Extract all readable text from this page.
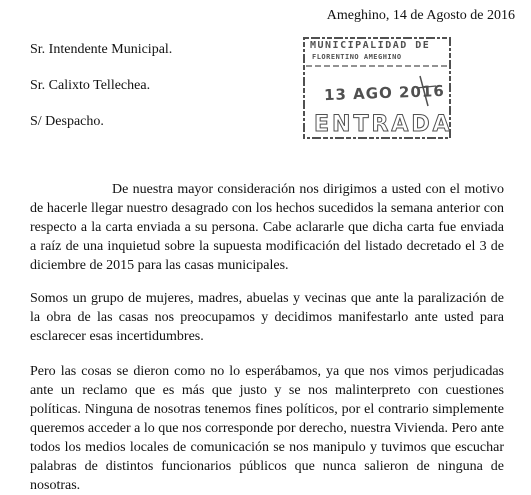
Ameghino, 14 de Agosto de 2016
Sr. Intendente Municipal.
Sr. Calixto Tellechea.
S/ Despacho.
MUNICIPALIDAD DE
FLORENTINO AMEGHINO
13 AGO 2016
ENTRADA

De nuestra mayor consideración nos dirigimos a usted con el motivo de hacerle llegar nuestro desagrado con los hechos sucedidos la semana anterior con respecto a la carta enviada a su persona. Cabe aclararle que dicha carta fue enviada a raíz de una inquietud sobre la supuesta modificación del listado decretado el 3 de diciembre de 2015 para las casas municipales.

Somos un grupo de mujeres, madres, abuelas y vecinas que ante la paralización de la obra de las casas nos preocupamos y decidimos manifestarlo ante usted para esclarecer esas incertidumbres.

Pero las cosas se dieron como no lo esperábamos, ya que nos vimos perjudicadas ante un reclamo que es más que justo y se nos malinterpreto con cuestiones políticas. Ninguna de nosotras tenemos fines políticos, por el contrario simplemente queremos acceder a lo que nos corresponde por derecho, nuestra Vivienda. Pero ante todos los medios locales de comunicación se nos manipulo y tuvimos que escuchar palabras de distintos funcionarios públicos que nunca salieron de ninguna de nosotras.
